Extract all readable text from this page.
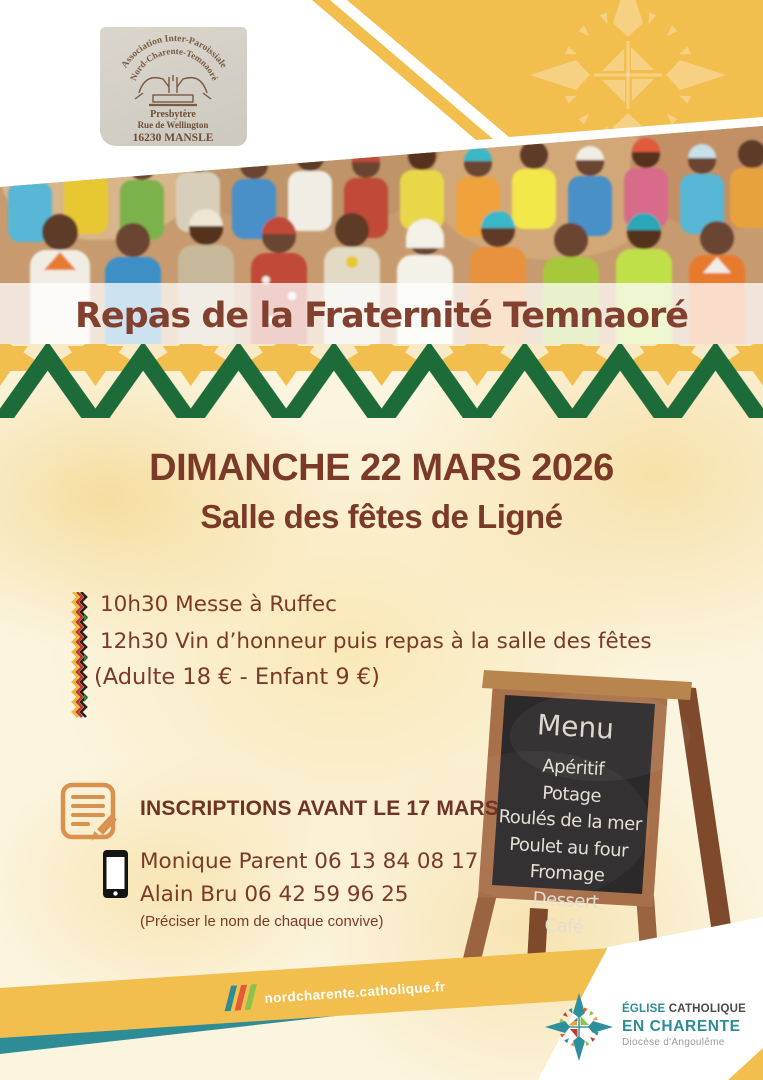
Association Inter-Paroissiale
Nord-Charente-Temnaoré
Presbytère
Rue de Wellington
16230 MANSLE
Repas de la Fraternité Temnaoré
DIMANCHE 22 MARS 2026
Salle des fêtes de Ligné
10h30 Messe à Ruffec
12h30 Vin d’honneur puis repas à la salle des fêtes
(Adulte 18 € - Enfant 9 €)
Menu
Apéritif
Potage
Roulés de la mer
Poulet au four
Fromage
Dessert
Café
INSCRIPTIONS AVANT LE 17 MARS
Monique Parent 06 13 84 08 17
Alain Bru 06 42 59 96 25
(Préciser le nom de chaque convive)
nordcharente.catholique.fr
ÉGLISE CATHOLIQUE
EN CHARENTE
Diocèse d'Angoulême
